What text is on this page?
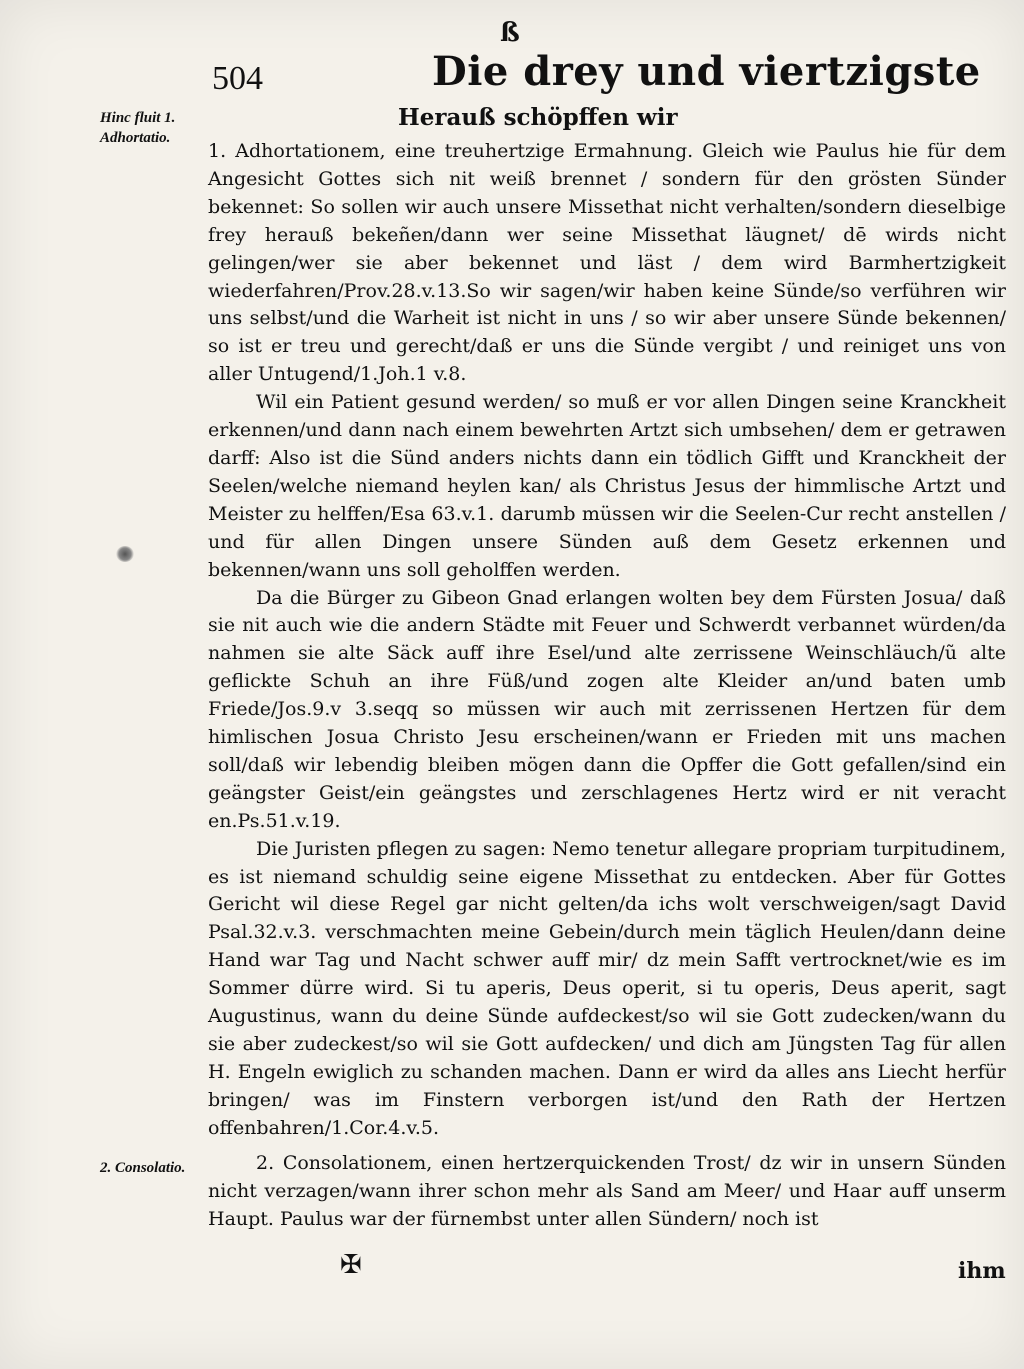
ß
504	Die drey und viertzigste
Herauß schöpffen wir
Hinc fluit 1. Adhortatio.
2. Consolatio.

1. Adhortationem, eine treuhertzige Ermahnung. Gleich wie Paulus hie für dem Angesicht Gottes sich nit weiß brennet / sondern für den grösten Sünder bekennet: So sollen wir auch unsere Missethat nicht verhalten/sondern dieselbige frey herauß bekeñen/dann wer seine Missethat läugnet/ dē wirds nicht gelingen/wer sie aber bekennet und läst / dem wird Barmhertzigkeit wiederfahren/Prov.28.v.13.So wir sagen/wir haben keine Sünde/so verführen wir uns selbst/und die Warheit ist nicht in uns / so wir aber unsere Sünde bekennen/ so ist er treu und gerecht/daß er uns die Sünde vergibt / und reiniget uns von aller Untugend/1.Joh.1 v.8.

Wil ein Patient gesund werden/ so muß er vor allen Dingen seine Kranckheit erkennen/und dann nach einem bewehrten Artzt sich umbsehen/ dem er getrawen darff: Also ist die Sünd anders nichts dann ein tödlich Gifft und Kranckheit der Seelen/welche niemand heylen kan/ als Christus Jesus der himmlische Artzt und Meister zu helffen/Esa 63.v.1. darumb müssen wir die Seelen-Cur recht anstellen / und für allen Dingen unsere Sünden auß dem Gesetz erkennen und bekennen/wann uns soll geholffen werden.

Da die Bürger zu Gibeon Gnad erlangen wolten bey dem Fürsten Josua/ daß sie nit auch wie die andern Städte mit Feuer und Schwerdt verbannet würden/da nahmen sie alte Säck auff ihre Esel/und alte zerrissene Weinschläuch/ũ alte geflickte Schuh an ihre Füß/und zogen alte Kleider an/und baten umb Friede/Jos.9.v 3.seqq so müssen wir auch mit zerrissenen Hertzen für dem himlischen Josua Christo Jesu erscheinen/wann er Frieden mit uns machen soll/daß wir lebendig bleiben mögen dann die Opffer die Gott gefallen/sind ein geängster Geist/ein geängstes und zerschlagenes Hertz wird er nit veracht en.Ps.51.v.19.

Die Juristen pflegen zu sagen: Nemo tenetur allegare propriam turpitudinem, es ist niemand schuldig seine eigene Missethat zu entdecken. Aber für Gottes Gericht wil diese Regel gar nicht gelten/da ichs wolt verschweigen/sagt David Psal.32.v.3. verschmachten meine Gebein/durch mein täglich Heulen/dann deine Hand war Tag und Nacht schwer auff mir/ dz mein Safft vertrocknet/wie es im Sommer dürre wird. Si tu aperis, Deus operit, si tu operis, Deus aperit, sagt Augustinus, wann du deine Sünde aufdeckest/so wil sie Gott zudecken/wann du sie aber zudeckest/so wil sie Gott aufdecken/ und dich am Jüngsten Tag für allen H. Engeln ewiglich zu schanden machen. Dann er wird da alles ans Liecht herfür bringen/ was im Finstern verborgen ist/und den Rath der Hertzen offenbahren/1.Cor.4.v.5.

2. Consolationem, einen hertzerquickenden Trost/ dz wir in unsern Sünden nicht verzagen/wann ihrer schon mehr als Sand am Meer/ und Haar auff unserm Haupt. Paulus war der fürnembst unter allen Sündern/ noch ist

✠	ihm
